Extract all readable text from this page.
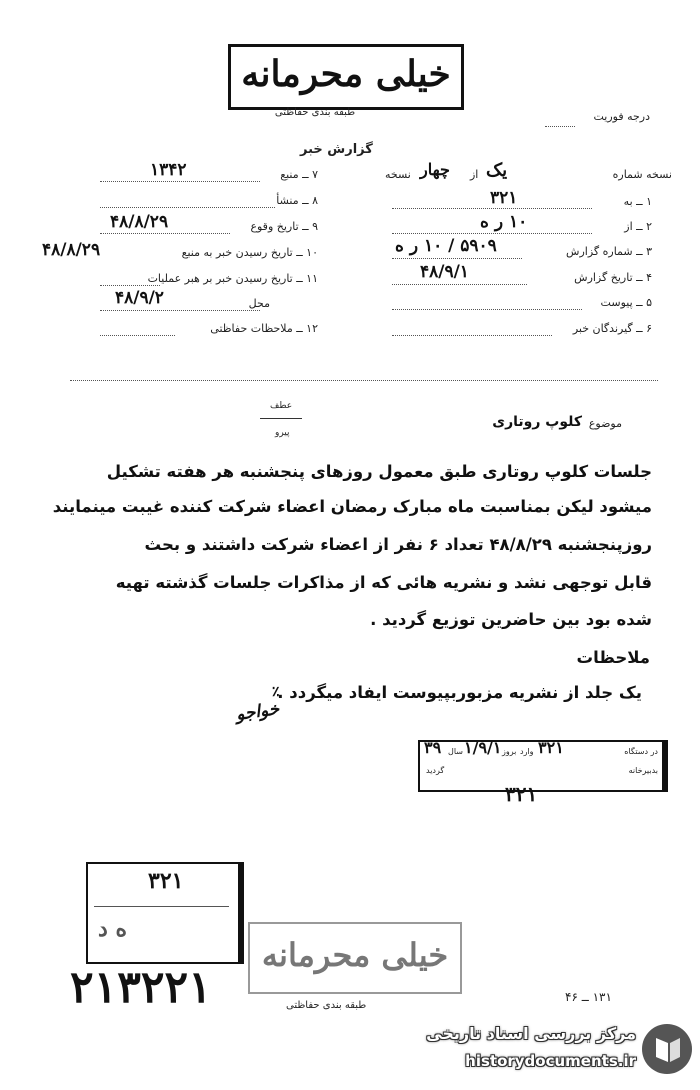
خیلی محرمانه
طبقه بندی حفاظتی	درجه فوریت
گزارش خبر
نسخه شماره
یک
از
چهار
نسخه
۱ ــ به
۳۲۱
۲ ــ از
۱۰ ر ه
۳ ــ شماره گزارش
۵۹۰۹ / ۱۰ ر ه
۴ ــ تاریخ گزارش
۴۸/۹/۱
۵ ــ پیوست
۶ ــ گیرندگان خبر
۷ ــ منبع
۱۳۴۲
۸ ــ منشأ
۹ ــ تاریخ وقوع
۴۸/۸/۲۹
۱۰ ــ تاریخ رسیدن خبر به منبع
۴۸/۸/۲۹
۱۱ ــ تاریخ رسیدن خبر بر هبر عملیات
محل
۴۸/۹/۲
۱۲ ــ ملاحظات حفاظتی
عطف
پیرو
موضوع
کلوپ روتاری
جلسات کلوپ روتاری طبق معمول روزهای پنجشنبه هر هفته تشکیل
میشود لیکن بمناسبت ماه مبارک رمضان اعضاء شرکت کننده غیبت مینمایند
روزپنجشنبه ۴۸/۸/۲۹ تعداد ۶ نفر از اعضاء شرکت داشتند و بحث
قابل توجهی نشد و نشریه هائی که از مذاکرات جلسات گذشته تهیه
شده بود بین حاضرین توزیع گردید .
ملاحظات
یک جلد از نشریه مزبوربپیوست ایفاد میگردد .
٪
خواجو
در دستگاه
۳۲۱
وارد
بروز
۱/۹/۱
سال
۳۹
بدبیرخانه
گردید
۳۲۱
۳۲۱
ه د
۲۱۳۲۲۱
خیلی محرمانه
طبقه بندی حفاظتی
۱۳۱ ــ ۴۶
مرکز بررسی اسناد تاریخی
historydocuments.ir
